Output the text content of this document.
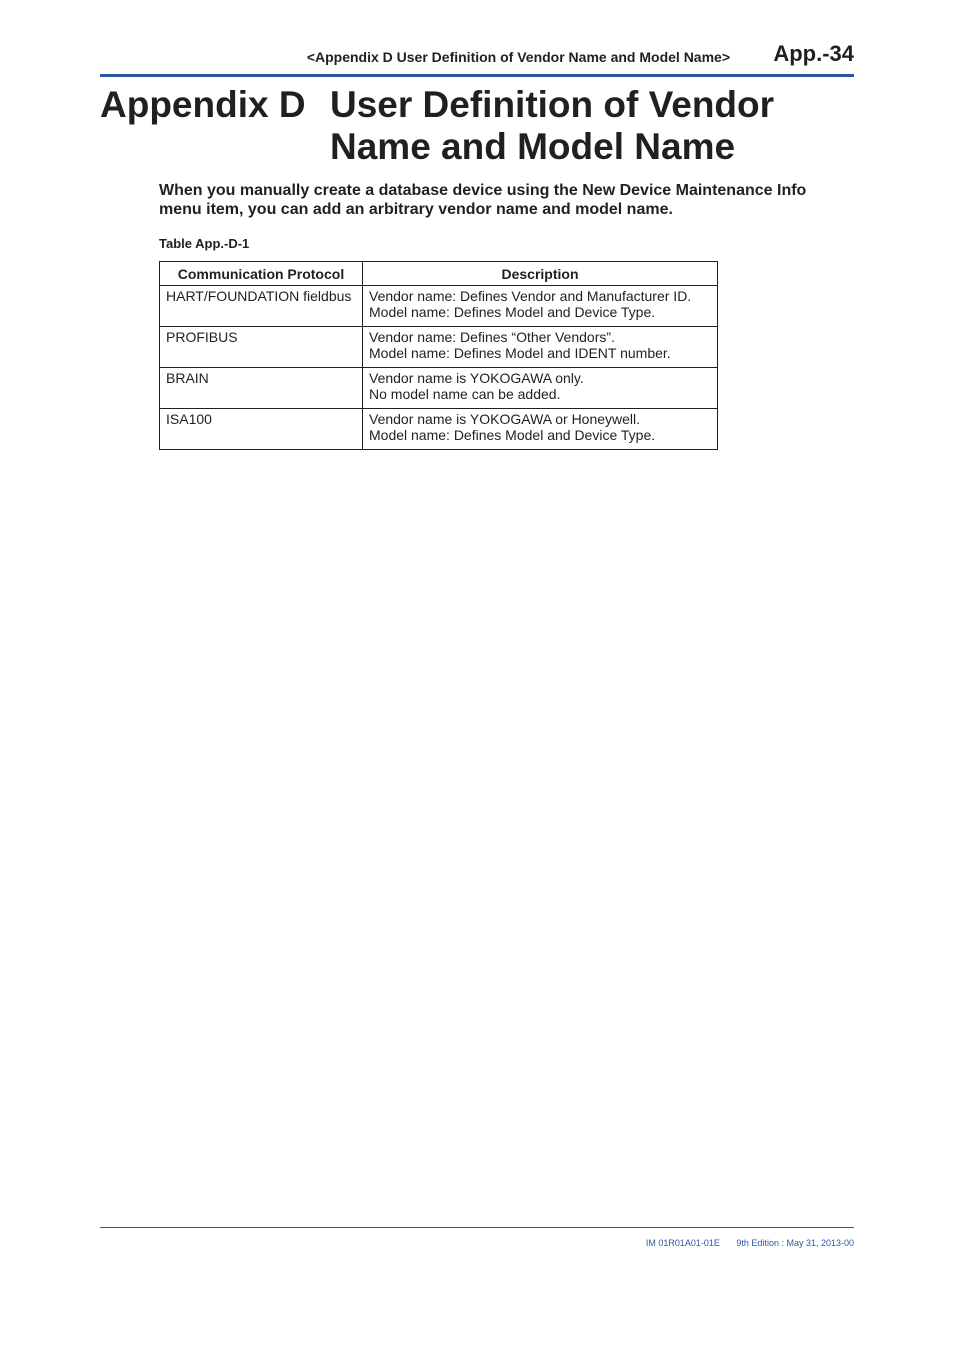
<Appendix D User Definition of Vendor Name and Model Name> App.-34
Appendix D User Definition of Vendor Name and Model Name
When you manually create a database device using the New Device Maintenance Info menu item, you can add an arbitrary vendor name and model name.
Table App.-D-1
Communication Protocol	Description
HART/FOUNDATION fieldbus	Vendor name: Defines Vendor and Manufacturer ID.
Model name: Defines Model and Device Type.

PROFIBUS	Vendor name: Defines “Other Vendors”.
Model name: Defines Model and IDENT number.

BRAIN	Vendor name is YOKOGAWA only.
No model name can be added.

ISA100	Vendor name is YOKOGAWA or Honeywell.
Model name: Defines Model and Device Type.
IM 01R01A01-01E 9th Edition : May 31, 2013-00
